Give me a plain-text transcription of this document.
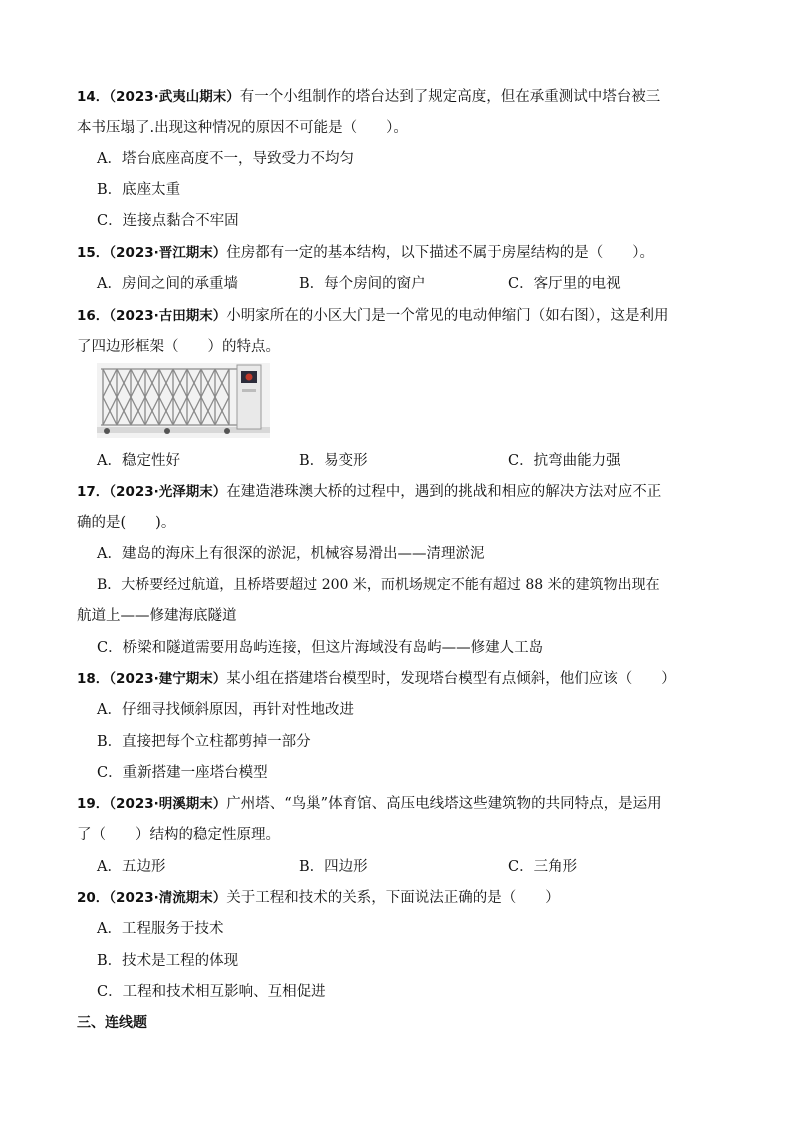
14．（2023·武夷山期末）有一个小组制作的塔台达到了规定高度，但在承重测试中塔台被三
本书压塌了.出现这种情况的原因不可能是（　　）。
A．塔台底座高度不一，导致受力不均匀
B．底座太重
C．连接点黏合不牢固
15．（2023·晋江期末）住房都有一定的基本结构，以下描述不属于房屋结构的是（　　）。
A．房间之间的承重墙	B．每个房间的窗户	C．客厅里的电视
16．（2023·古田期末）小明家所在的小区大门是一个常见的电动伸缩门（如右图），这是利用
了四边形框架（　　）的特点。
A．稳定性好	B．易变形	C．抗弯曲能力强
17．（2023·光泽期末）在建造港珠澳大桥的过程中，遇到的挑战和相应的解决方法对应不正
确的是(　　)。
A．建岛的海床上有很深的淤泥，机械容易滑出——清理淤泥
B．大桥要经过航道，且桥塔要超过 200 米，而机场规定不能有超过 88 米的建筑物出现在
航道上——修建海底隧道
C．桥梁和隧道需要用岛屿连接，但这片海域没有岛屿——修建人工岛
18．（2023·建宁期末）某小组在搭建塔台模型时，发现塔台模型有点倾斜，他们应该（　　）
A．仔细寻找倾斜原因，再针对性地改进
B．直接把每个立柱都剪掉一部分
C．重新搭建一座塔台模型
19．（2023·明溪期末）广州塔、“鸟巢”体育馆、高压电线塔这些建筑物的共同特点，是运用
了（　　）结构的稳定性原理。
A．五边形	B．四边形	C．三角形
20．（2023·清流期末）关于工程和技术的关系，下面说法正确的是（　　）
A．工程服务于技术
B．技术是工程的体现
C．工程和技术相互影响、互相促进
三、连线题
